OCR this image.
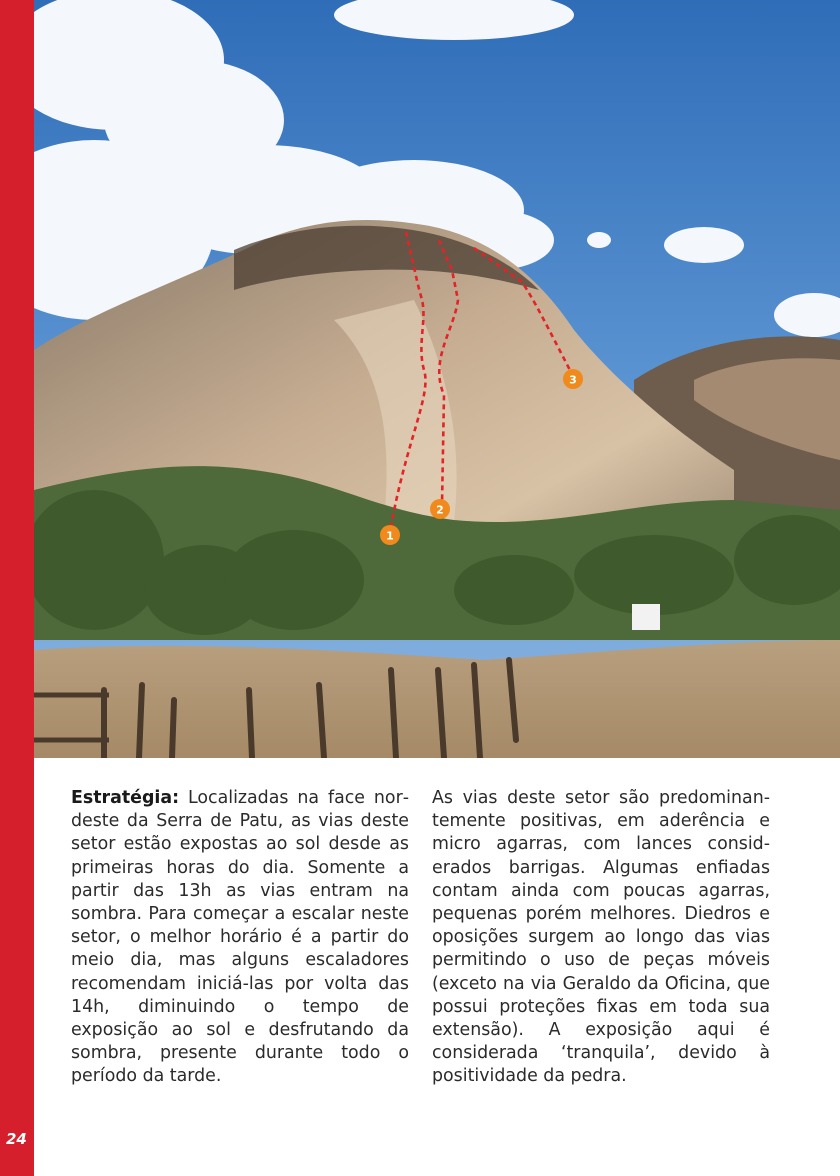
24
1
2
3
Estratégia: Localizadas na face nordeste da Serra de Patu, as vias deste setor estão expostas ao sol desde as primeiras horas do dia. Somente a partir das 13h as vias entram na sombra. Para começar a escalar neste setor, o melhor horário é a partir do meio dia, mas alguns escaladores recomendam iniciá-las por volta das 14h, diminuindo o tempo de exposição ao sol e desfrutando da sombra, presente durante todo o período da tarde.
As vias deste setor são predominantemente positivas, em aderência e micro agarras, com lances considerados barrigas. Algumas enfiadas contam ainda com poucas agarras, pequenas porém melhores. Diedros e oposições surgem ao longo das vias permitindo o uso de peças móveis (exceto na via Geraldo da Oficina, que possui proteções fixas em toda sua extensão). A exposição aqui é considerada ‘tranquila’, devido à positividade da pedra.
